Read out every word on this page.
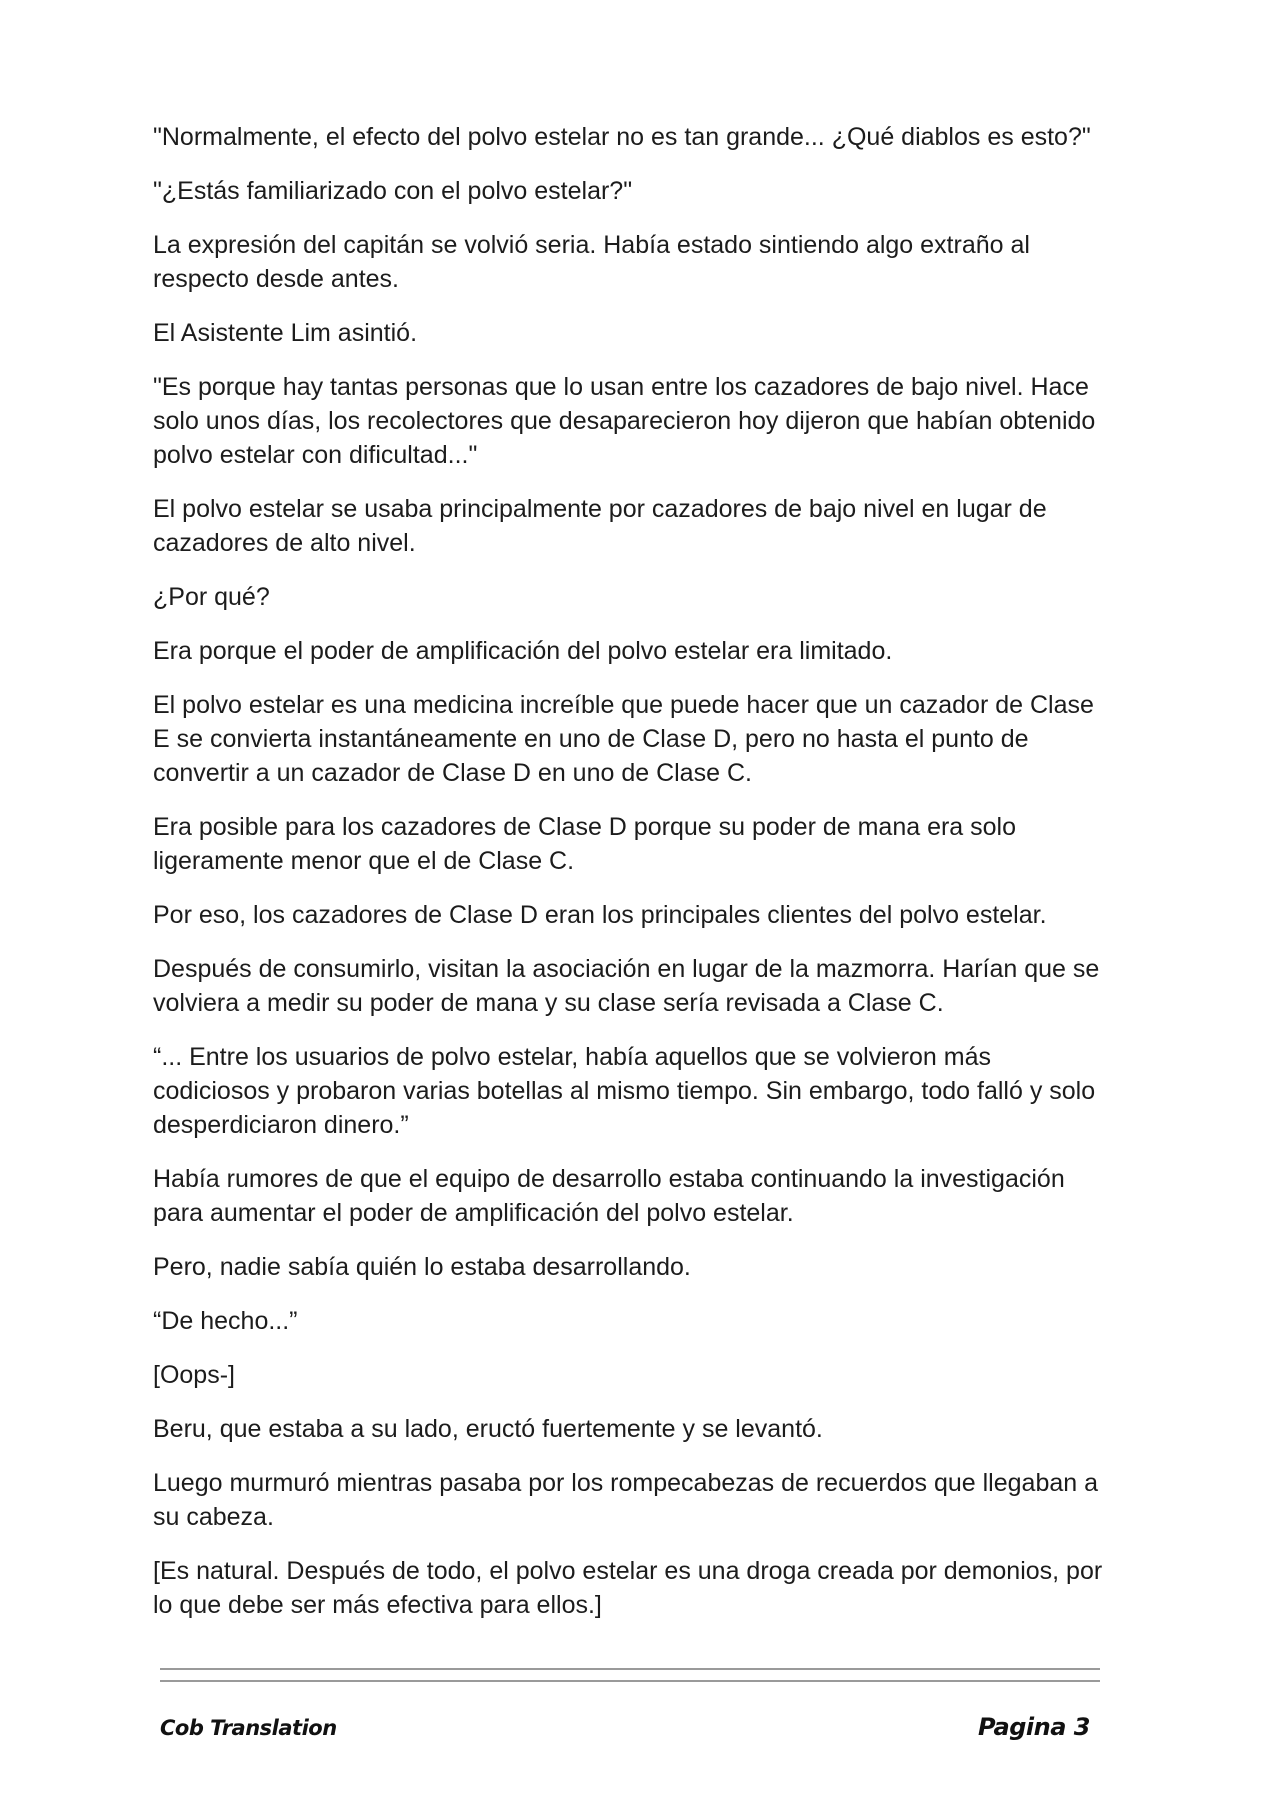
"Normalmente, el efecto del polvo estelar no es tan grande... ¿Qué diablos es esto?"

"¿Estás familiarizado con el polvo estelar?"

La expresión del capitán se volvió seria. Había estado sintiendo algo extraño al respecto desde antes.

El Asistente Lim asintió.

"Es porque hay tantas personas que lo usan entre los cazadores de bajo nivel. Hace solo unos días, los recolectores que desaparecieron hoy dijeron que habían obtenido polvo estelar con dificultad..."

El polvo estelar se usaba principalmente por cazadores de bajo nivel en lugar de cazadores de alto nivel.

¿Por qué?

Era porque el poder de amplificación del polvo estelar era limitado.

El polvo estelar es una medicina increíble que puede hacer que un cazador de Clase E se convierta instantáneamente en uno de Clase D, pero no hasta el punto de convertir a un cazador de Clase D en uno de Clase C.

Era posible para los cazadores de Clase D porque su poder de mana era solo ligeramente menor que el de Clase C.

Por eso, los cazadores de Clase D eran los principales clientes del polvo estelar.

Después de consumirlo, visitan la asociación en lugar de la mazmorra. Harían que se volviera a medir su poder de mana y su clase sería revisada a Clase C.

“... Entre los usuarios de polvo estelar, había aquellos que se volvieron más codiciosos y probaron varias botellas al mismo tiempo. Sin embargo, todo falló y solo desperdiciaron dinero.”

Había rumores de que el equipo de desarrollo estaba continuando la investigación para aumentar el poder de amplificación del polvo estelar.

Pero, nadie sabía quién lo estaba desarrollando.

“De hecho...”

[Oops-]

Beru, que estaba a su lado, eructó fuertemente y se levantó.

Luego murmuró mientras pasaba por los rompecabezas de recuerdos que llegaban a su cabeza.

[Es natural. Después de todo, el polvo estelar es una droga creada por demonios, por lo que debe ser más efectiva para ellos.]

Cob Translation	Pagina 3
